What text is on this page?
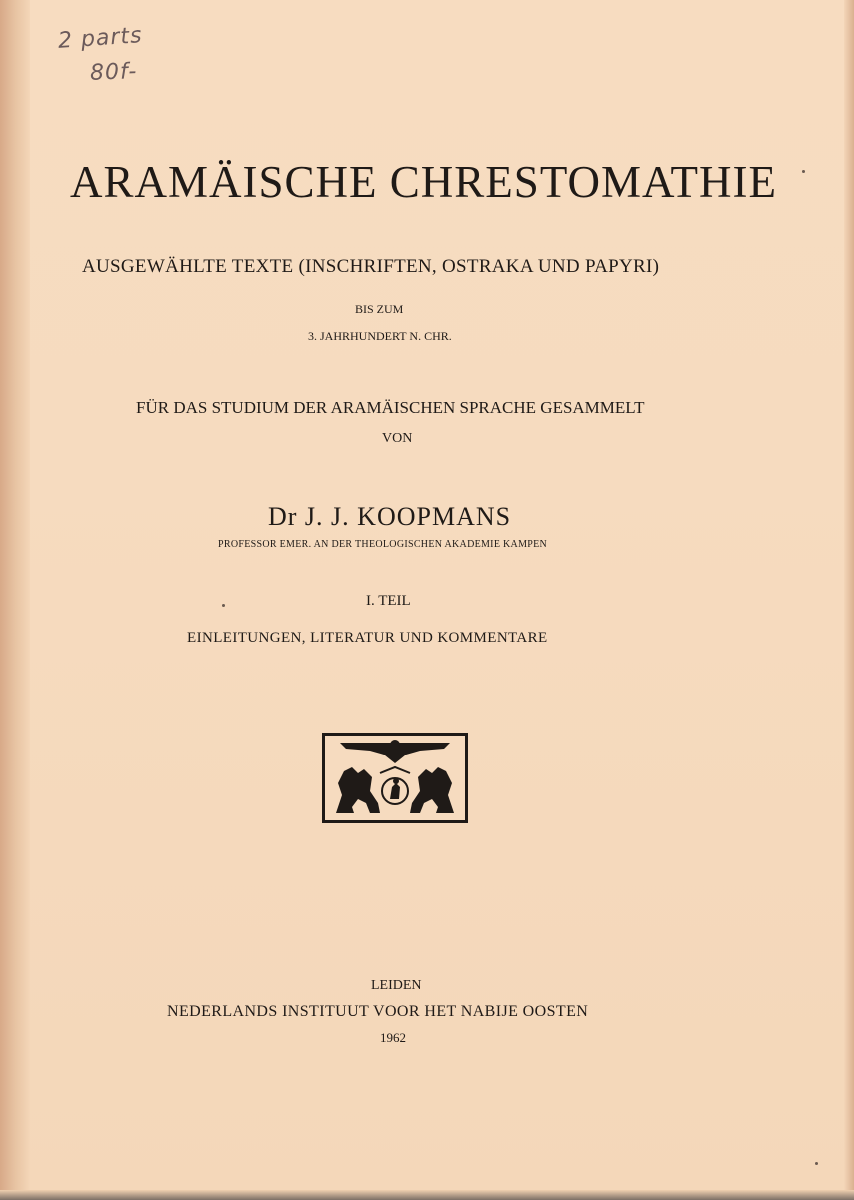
2 parts
80f-
ARAMÄISCHE CHRESTOMATHIE
AUSGEWÄHLTE TEXTE (INSCHRIFTEN, OSTRAKA UND PAPYRI)
BIS ZUM
3. JAHRHUNDERT N. CHR.
FÜR DAS STUDIUM DER ARAMÄISCHEN SPRACHE GESAMMELT
VON
Dr J. J. KOOPMANS
PROFESSOR EMER. AN DER THEOLOGISCHEN AKADEMIE KAMPEN
I. TEIL
EINLEITUNGEN, LITERATUR UND KOMMENTARE
LEIDEN
NEDERLANDS INSTITUUT VOOR HET NABIJE OOSTEN
1962
